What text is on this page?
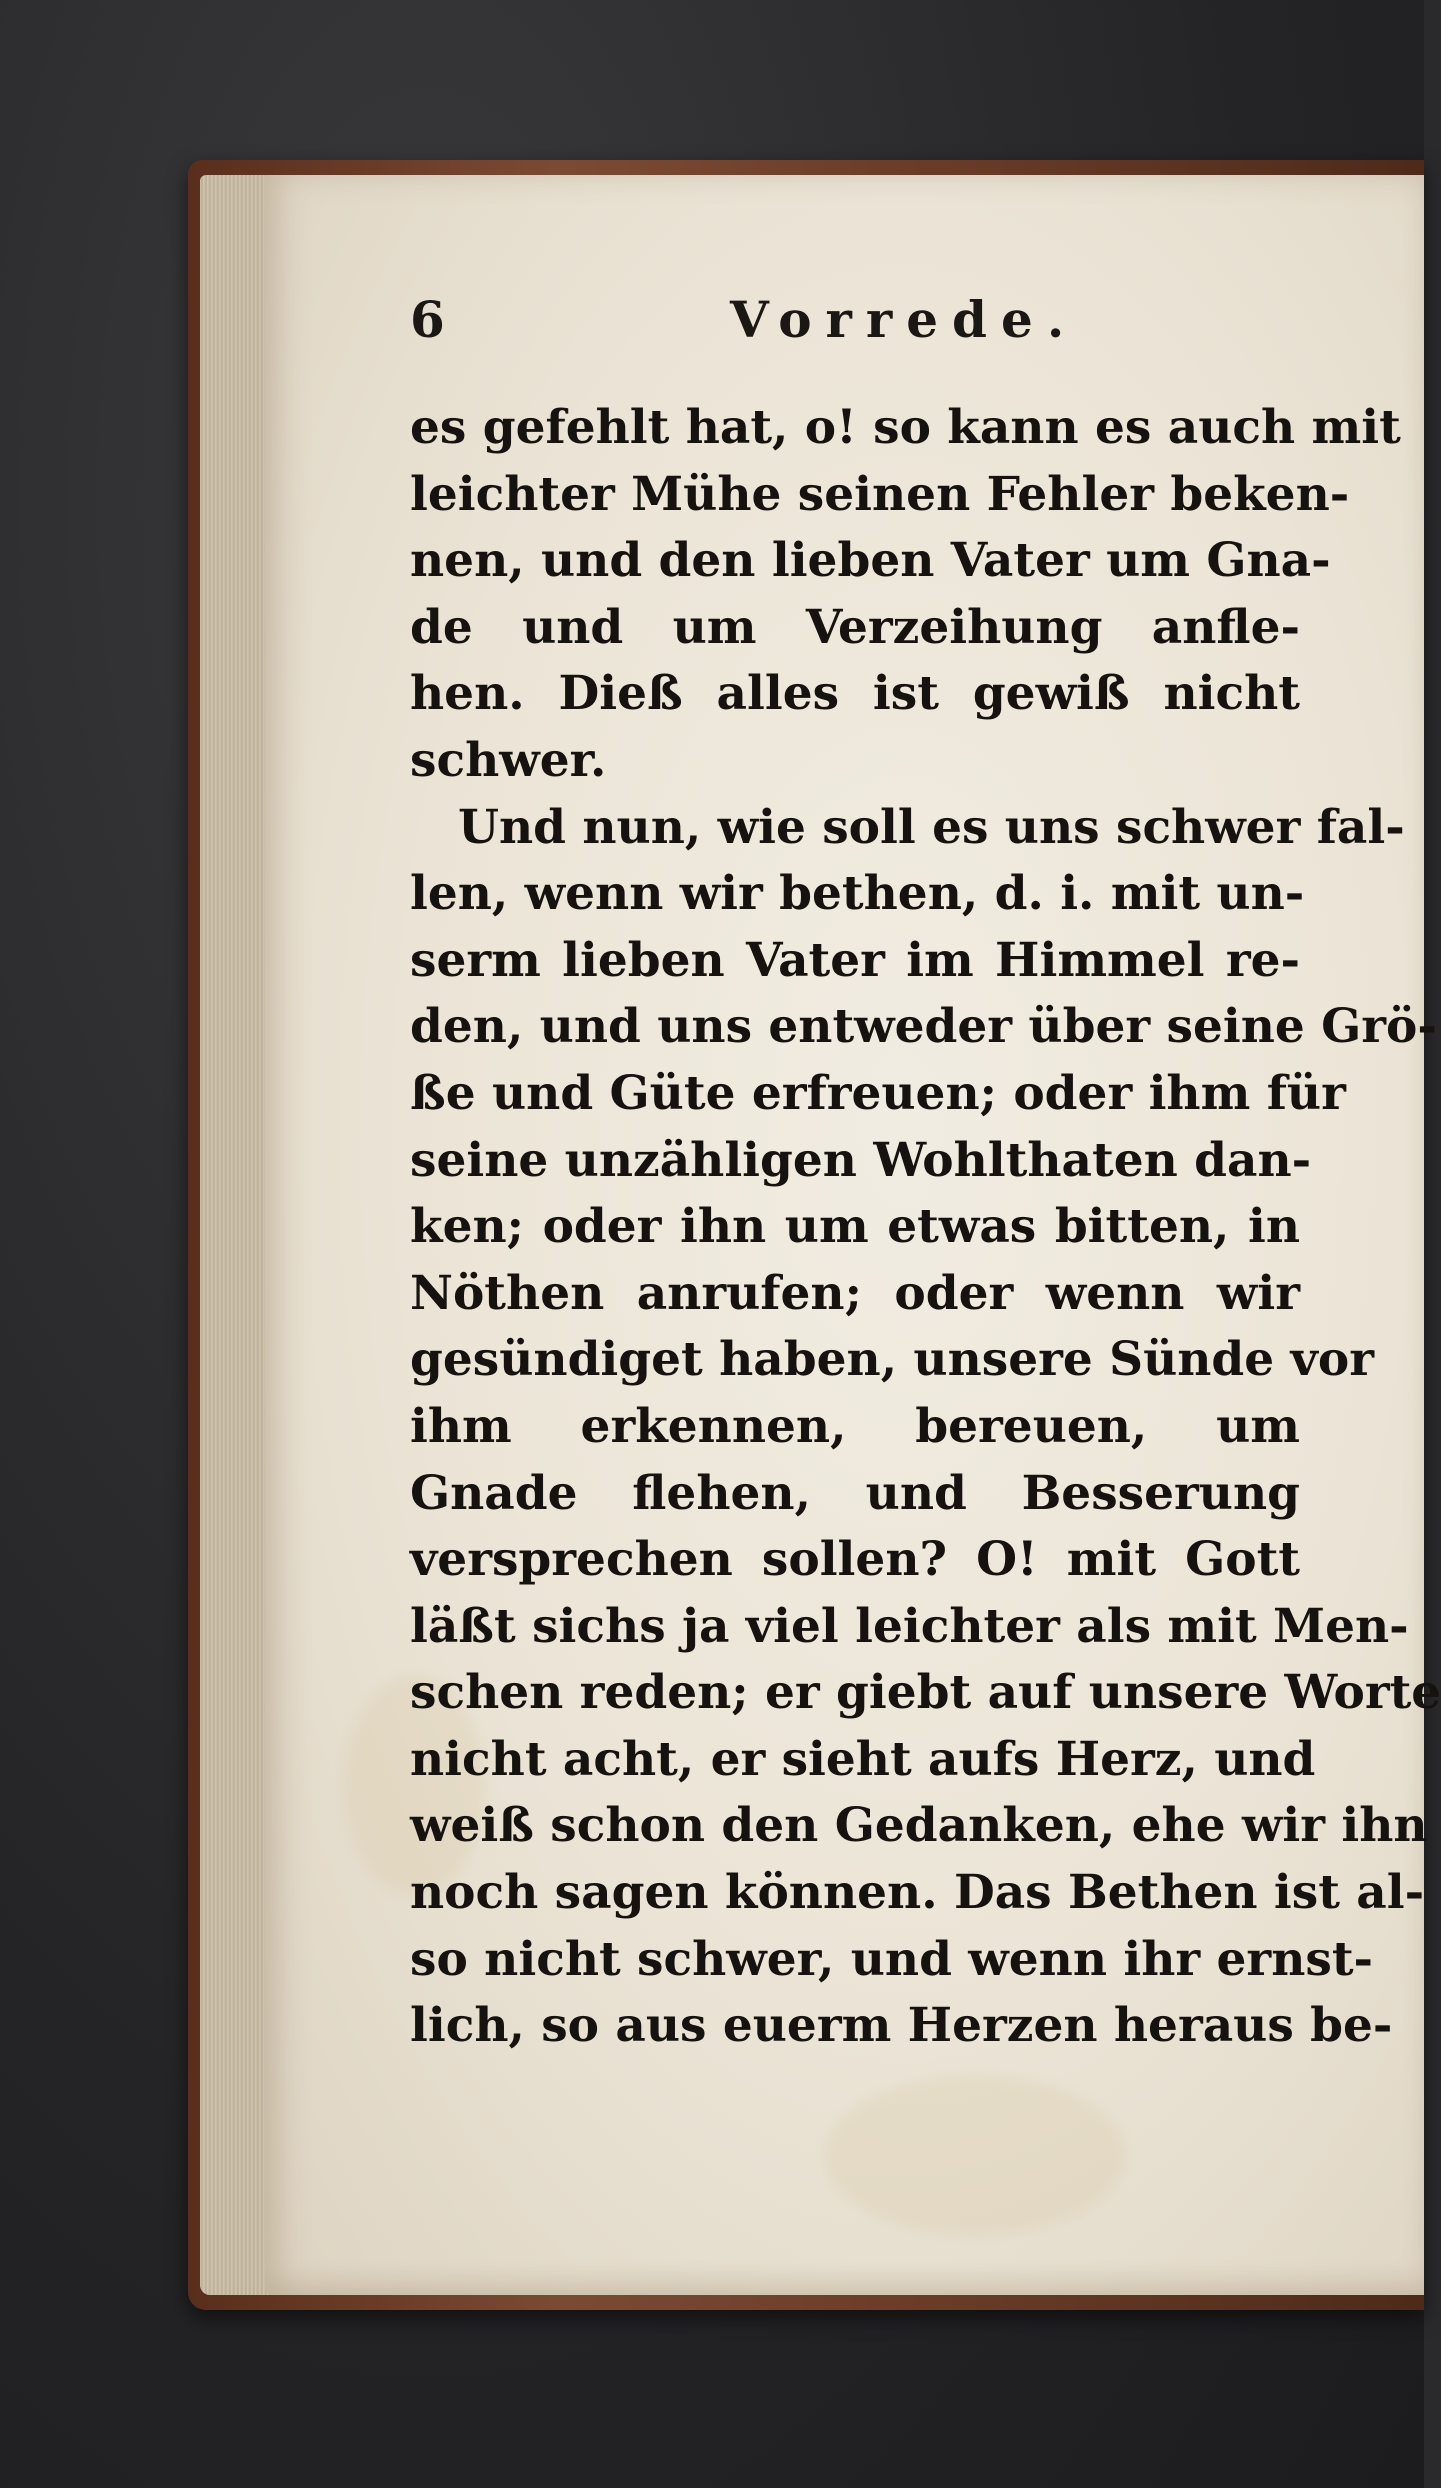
6	Vorrede.
es gefehlt hat, o! so kann es auch mit
leichter Mühe seinen Fehler beken-
nen, und den lieben Vater um Gna-
de und um Verzeihung anfle-
hen. Dieß alles ist gewiß nicht
schwer.
Und nun, wie soll es uns schwer fal-
len, wenn wir bethen, d. i. mit un-
serm lieben Vater im Himmel re-
den, und uns entweder über seine Grö-
ße und Güte erfreuen; oder ihm für
seine unzähligen Wohlthaten dan-
ken; oder ihn um etwas bitten, in
Nöthen anrufen; oder wenn wir
gesündiget haben, unsere Sünde vor
ihm erkennen, bereuen, um
Gnade flehen, und Besserung
versprechen sollen? O! mit Gott
läßt sichs ja viel leichter als mit Men-
schen reden; er giebt auf unsere Worte
nicht acht, er sieht aufs Herz, und
weiß schon den Gedanken, ehe wir ihn
noch sagen können. Das Bethen ist al-
so nicht schwer, und wenn ihr ernst-
lich, so aus euerm Herzen heraus be-
